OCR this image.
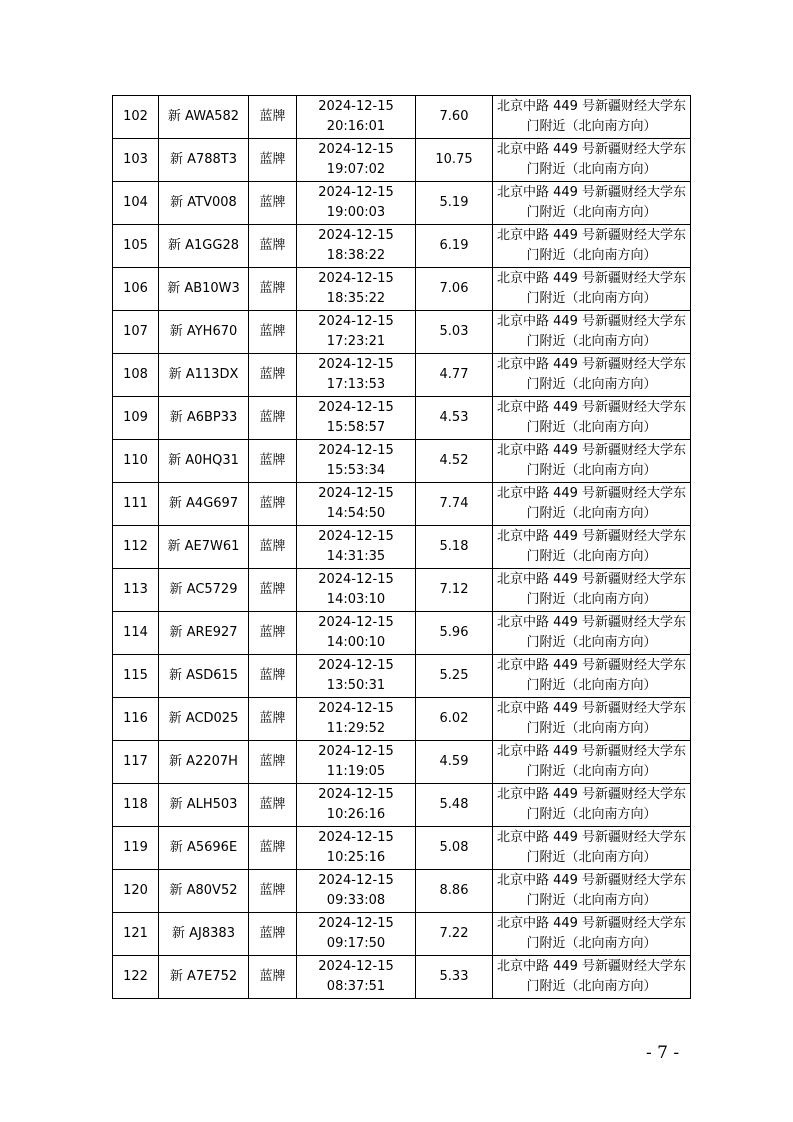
102	新 AWA582	蓝牌	2024-12-15
20:16:01	7.60	北京中路 449 号新疆财经大学东
门附近（北向南方向）

103	新 A788T3	蓝牌	2024-12-15
19:07:02	10.75	北京中路 449 号新疆财经大学东
门附近（北向南方向）

104	新 ATV008	蓝牌	2024-12-15
19:00:03	5.19	北京中路 449 号新疆财经大学东
门附近（北向南方向）

105	新 A1GG28	蓝牌	2024-12-15
18:38:22	6.19	北京中路 449 号新疆财经大学东
门附近（北向南方向）

106	新 AB10W3	蓝牌	2024-12-15
18:35:22	7.06	北京中路 449 号新疆财经大学东
门附近（北向南方向）

107	新 AYH670	蓝牌	2024-12-15
17:23:21	5.03	北京中路 449 号新疆财经大学东
门附近（北向南方向）

108	新 A113DX	蓝牌	2024-12-15
17:13:53	4.77	北京中路 449 号新疆财经大学东
门附近（北向南方向）

109	新 A6BP33	蓝牌	2024-12-15
15:58:57	4.53	北京中路 449 号新疆财经大学东
门附近（北向南方向）

110	新 A0HQ31	蓝牌	2024-12-15
15:53:34	4.52	北京中路 449 号新疆财经大学东
门附近（北向南方向）

111	新 A4G697	蓝牌	2024-12-15
14:54:50	7.74	北京中路 449 号新疆财经大学东
门附近（北向南方向）

112	新 AE7W61	蓝牌	2024-12-15
14:31:35	5.18	北京中路 449 号新疆财经大学东
门附近（北向南方向）

113	新 AC5729	蓝牌	2024-12-15
14:03:10	7.12	北京中路 449 号新疆财经大学东
门附近（北向南方向）

114	新 ARE927	蓝牌	2024-12-15
14:00:10	5.96	北京中路 449 号新疆财经大学东
门附近（北向南方向）

115	新 ASD615	蓝牌	2024-12-15
13:50:31	5.25	北京中路 449 号新疆财经大学东
门附近（北向南方向）

116	新 ACD025	蓝牌	2024-12-15
11:29:52	6.02	北京中路 449 号新疆财经大学东
门附近（北向南方向）

117	新 A2207H	蓝牌	2024-12-15
11:19:05	4.59	北京中路 449 号新疆财经大学东
门附近（北向南方向）

118	新 ALH503	蓝牌	2024-12-15
10:26:16	5.48	北京中路 449 号新疆财经大学东
门附近（北向南方向）

119	新 A5696E	蓝牌	2024-12-15
10:25:16	5.08	北京中路 449 号新疆财经大学东
门附近（北向南方向）

120	新 A80V52	蓝牌	2024-12-15
09:33:08	8.86	北京中路 449 号新疆财经大学东
门附近（北向南方向）

121	新 AJ8383	蓝牌	2024-12-15
09:17:50	7.22	北京中路 449 号新疆财经大学东
门附近（北向南方向）

122	新 A7E752	蓝牌	2024-12-15
08:37:51	5.33	北京中路 449 号新疆财经大学东
门附近（北向南方向）
- 7 -
